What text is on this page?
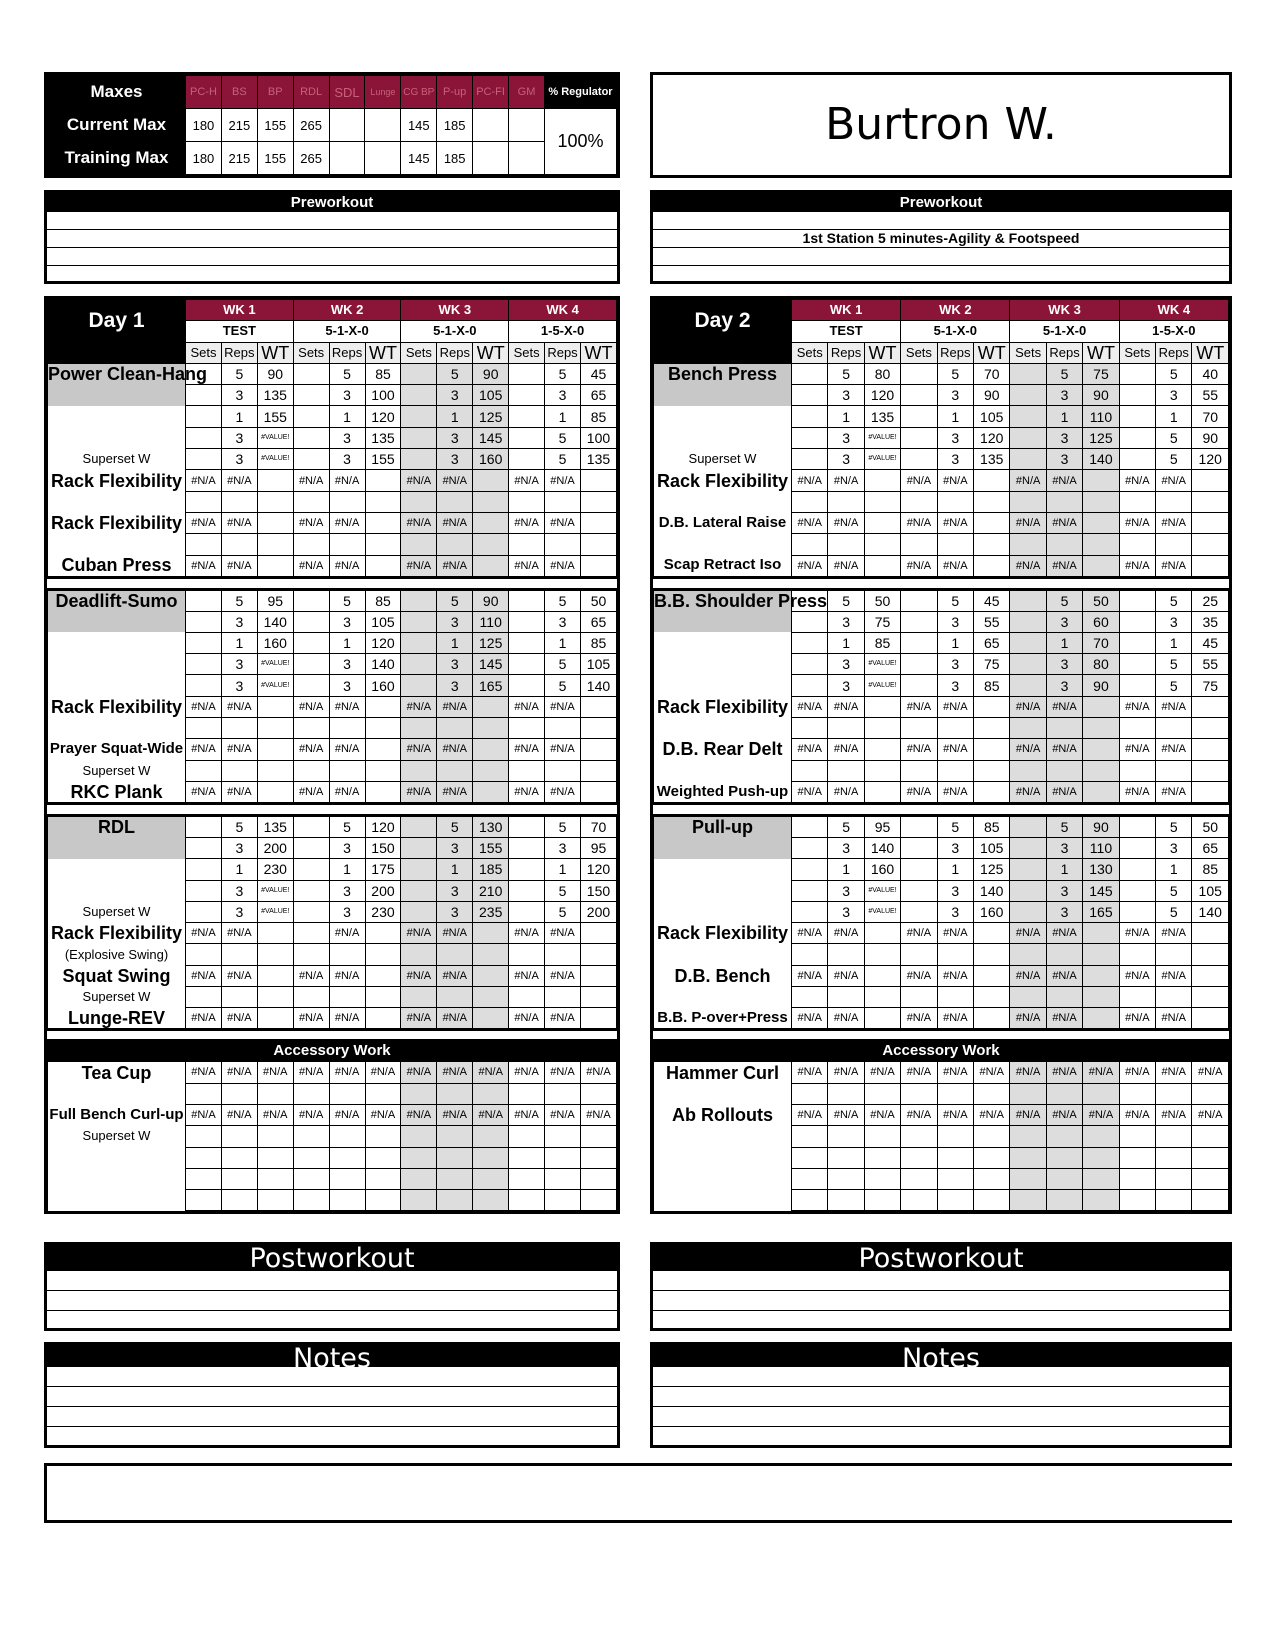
Maxes	PC-H	BS	BP	RDL	SDL	Lunge	CG BP	P-up	PC-FI	GM	% Regulator
Current Max	180	215	155	265			145	185			100%
Training Max	180	215	155	265			145	185			
Burtron W.
Preworkout	Preworkout
1st Station 5 minutes-Agility & Footspeed
Day 1	WK 1			WK 2			WK 3			WK 4		
	TEST			5-1-X-0			5-1-X-0			1-5-X-0		
	Sets	Reps	WT	Sets	Reps	WT	Sets	Reps	WT	Sets	Reps	WT
Power Clean-Hang		5	90		5	85		5	90		5	45
		3	135		3	100		3	105		3	65
		1	155		1	120		1	125		1	85
		3	#VALUE!		3	135		3	145		5	100
Superset W		3	#VALUE!		3	155		3	160		5	135
Rack Flexibility	#N/A	#N/A		#N/A	#N/A		#N/A	#N/A		#N/A	#N/A	

Rack Flexibility	#N/A	#N/A		#N/A	#N/A		#N/A	#N/A		#N/A	#N/A	

Cuban Press	#N/A	#N/A		#N/A	#N/A		#N/A	#N/A		#N/A	#N/A	

Deadlift-Sumo		5	95		5	85		5	90		5	50
		3	140		3	105		3	110		3	65
		1	160		1	120		1	125		1	85
		3	#VALUE!		3	140		3	145		5	105
		3	#VALUE!		3	160		3	165		5	140
Rack Flexibility	#N/A	#N/A		#N/A	#N/A		#N/A	#N/A		#N/A	#N/A	

Prayer Squat-Wide	#N/A	#N/A		#N/A	#N/A		#N/A	#N/A		#N/A	#N/A	
Superset W												
RKC Plank	#N/A	#N/A		#N/A	#N/A		#N/A	#N/A		#N/A	#N/A	

RDL		5	135		5	120		5	130		5	70
		3	200		3	150		3	155		3	95
		1	230		1	175		1	185		1	120
		3	#VALUE!		3	200		3	210		5	150
Superset W		3	#VALUE!		3	230		3	235		5	200
Rack Flexibility	#N/A	#N/A			#N/A		#N/A	#N/A		#N/A	#N/A	
(Explosive Swing)												
Squat Swing	#N/A	#N/A		#N/A	#N/A		#N/A	#N/A		#N/A	#N/A	
Superset W												
Lunge-REV	#N/A	#N/A		#N/A	#N/A		#N/A	#N/A		#N/A	#N/A	

Accessory Work												
Tea Cup	#N/A	#N/A	#N/A	#N/A	#N/A	#N/A	#N/A	#N/A	#N/A	#N/A	#N/A	#N/A

Full Bench Curl-up	#N/A	#N/A	#N/A	#N/A	#N/A	#N/A	#N/A	#N/A	#N/A	#N/A	#N/A	#N/A
Superset W												

Day 2	WK 1			WK 2			WK 3			WK 4		
	TEST			5-1-X-0			5-1-X-0			1-5-X-0		
	Sets	Reps	WT	Sets	Reps	WT	Sets	Reps	WT	Sets	Reps	WT
Bench Press		5	80		5	70		5	75		5	40
		3	120		3	90		3	90		3	55
		1	135		1	105		1	110		1	70
		3	#VALUE!		3	120		3	125		5	90
Superset W		3	#VALUE!		3	135		3	140		5	120
Rack Flexibility	#N/A	#N/A		#N/A	#N/A		#N/A	#N/A		#N/A	#N/A	

D.B. Lateral Raise	#N/A	#N/A		#N/A	#N/A		#N/A	#N/A		#N/A	#N/A	

Scap Retract Iso	#N/A	#N/A		#N/A	#N/A		#N/A	#N/A		#N/A	#N/A	

B.B. Shoulder Press		5	50		5	45		5	50		5	25
		3	75		3	55		3	60		3	35
		1	85		1	65		1	70		1	45
		3	#VALUE!		3	75		3	80		5	55
		3	#VALUE!		3	85		3	90		5	75
Rack Flexibility	#N/A	#N/A		#N/A	#N/A		#N/A	#N/A		#N/A	#N/A	

D.B. Rear Delt	#N/A	#N/A		#N/A	#N/A		#N/A	#N/A		#N/A	#N/A	

Weighted Push-up	#N/A	#N/A		#N/A	#N/A		#N/A	#N/A		#N/A	#N/A	

Pull-up		5	95		5	85		5	90		5	50
		3	140		3	105		3	110		3	65
		1	160		1	125		1	130		1	85
		3	#VALUE!		3	140		3	145		5	105
		3	#VALUE!		3	160		3	165		5	140
Rack Flexibility	#N/A	#N/A		#N/A	#N/A		#N/A	#N/A		#N/A	#N/A	

D.B. Bench	#N/A	#N/A		#N/A	#N/A		#N/A	#N/A		#N/A	#N/A	

B.B. P-over+Press	#N/A	#N/A		#N/A	#N/A		#N/A	#N/A		#N/A	#N/A	

Accessory Work												
Hammer Curl	#N/A	#N/A	#N/A	#N/A	#N/A	#N/A	#N/A	#N/A	#N/A	#N/A	#N/A	#N/A

Ab Rollouts	#N/A	#N/A	#N/A	#N/A	#N/A	#N/A	#N/A	#N/A	#N/A	#N/A	#N/A	#N/A

Postworkout	Postworkout
Notes	Notes
